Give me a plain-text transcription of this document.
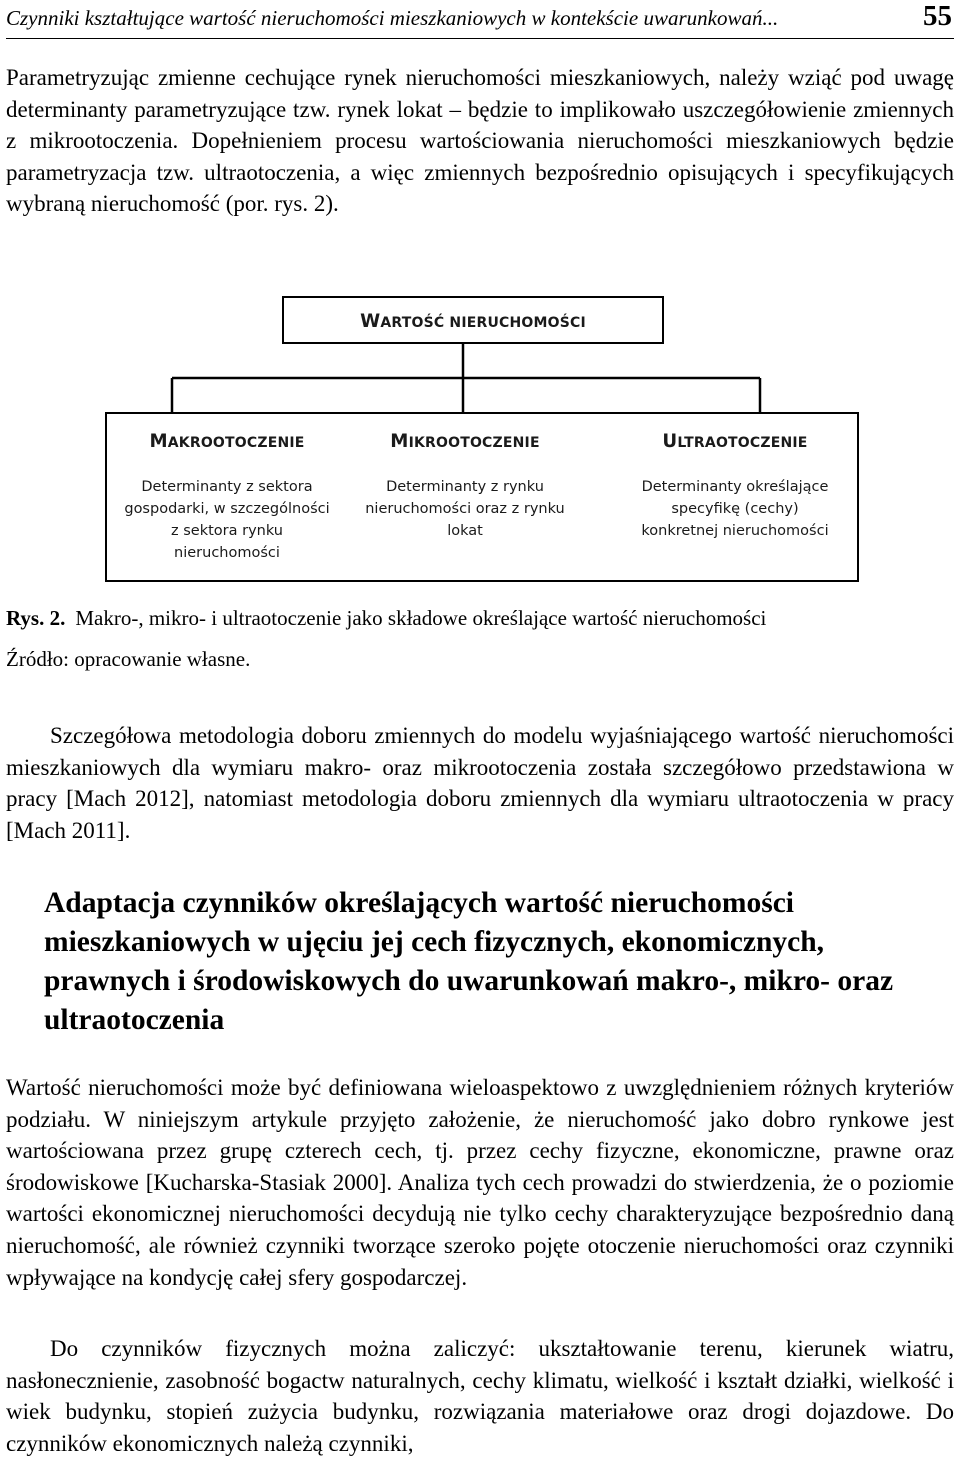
Czynniki kształtujące wartość nieruchomości mieszkaniowych w kontekście uwarunkowań...	55

Parametryzując zmienne cechujące rynek nieruchomości mieszkaniowych, należy wziąć pod uwagę determinanty parametryzujące tzw. rynek lokat – będzie to implikowało uszczegółowienie zmiennych z mikrootoczenia. Dopełnieniem procesu wartościowania nieruchomości mieszkaniowych będzie parametryzacja tzw. ultraotoczenia, a więc zmiennych bezpośrednio opisujących i specyfikujących wybraną nieruchomość (por. rys. 2).

WARTOŚĆ NIERUCHOMOŚCI
MAKROOTOCZENIE
Determinanty z sektora
gospodarki, w szczególności
z sektora rynku
nieruchomości
MIKROOTOCZENIE
Determinanty z rynku
nieruchomości oraz z rynku
lokat
ULTRAOTOCZENIE
Determinanty określające
specyfikę (cechy)
konkretnej nieruchomości
Rys. 2. Makro-, mikro- i ultraotoczenie jako składowe określające wartość nieruchomości
Źródło: opracowanie własne.

Szczegółowa metodologia doboru zmiennych do modelu wyjaśniającego wartość nieruchomości mieszkaniowych dla wymiaru makro- oraz mikrootoczenia została szczegółowo przedstawiona w pracy [Mach 2012], natomiast metodologia doboru zmiennych dla wymiaru ultraotoczenia w pracy [Mach 2011].

Adaptacja czynników określających wartość nieruchomości mieszkaniowych w ujęciu jej cech fizycznych, ekonomicznych, prawnych i środowiskowych do uwarunkowań makro-, mikro- oraz ultraotoczenia

Wartość nieruchomości może być definiowana wieloaspektowo z uwzględnieniem różnych kryteriów podziału. W niniejszym artykule przyjęto założenie, że nieruchomość jako dobro rynkowe jest wartościowana przez grupę czterech cech, tj. przez cechy fizyczne, ekonomiczne, prawne oraz środowiskowe [Kucharska-Stasiak 2000]. Analiza tych cech prowadzi do stwierdzenia, że o poziomie wartości ekonomicznej nieruchomości decydują nie tylko cechy charakteryzujące bezpośrednio daną nieruchomość, ale również czynniki tworzące szeroko pojęte otoczenie nieruchomości oraz czynniki wpływające na kondycję całej sfery gospodarczej.

Do czynników fizycznych można zaliczyć: ukształtowanie terenu, kierunek wiatru, nasłonecznienie, zasobność bogactw naturalnych, cechy klimatu, wielkość i kształt działki, wielkość i wiek budynku, stopień zużycia budynku, rozwiązania materiałowe oraz drogi dojazdowe. Do czynników ekonomicznych należą czynniki,
